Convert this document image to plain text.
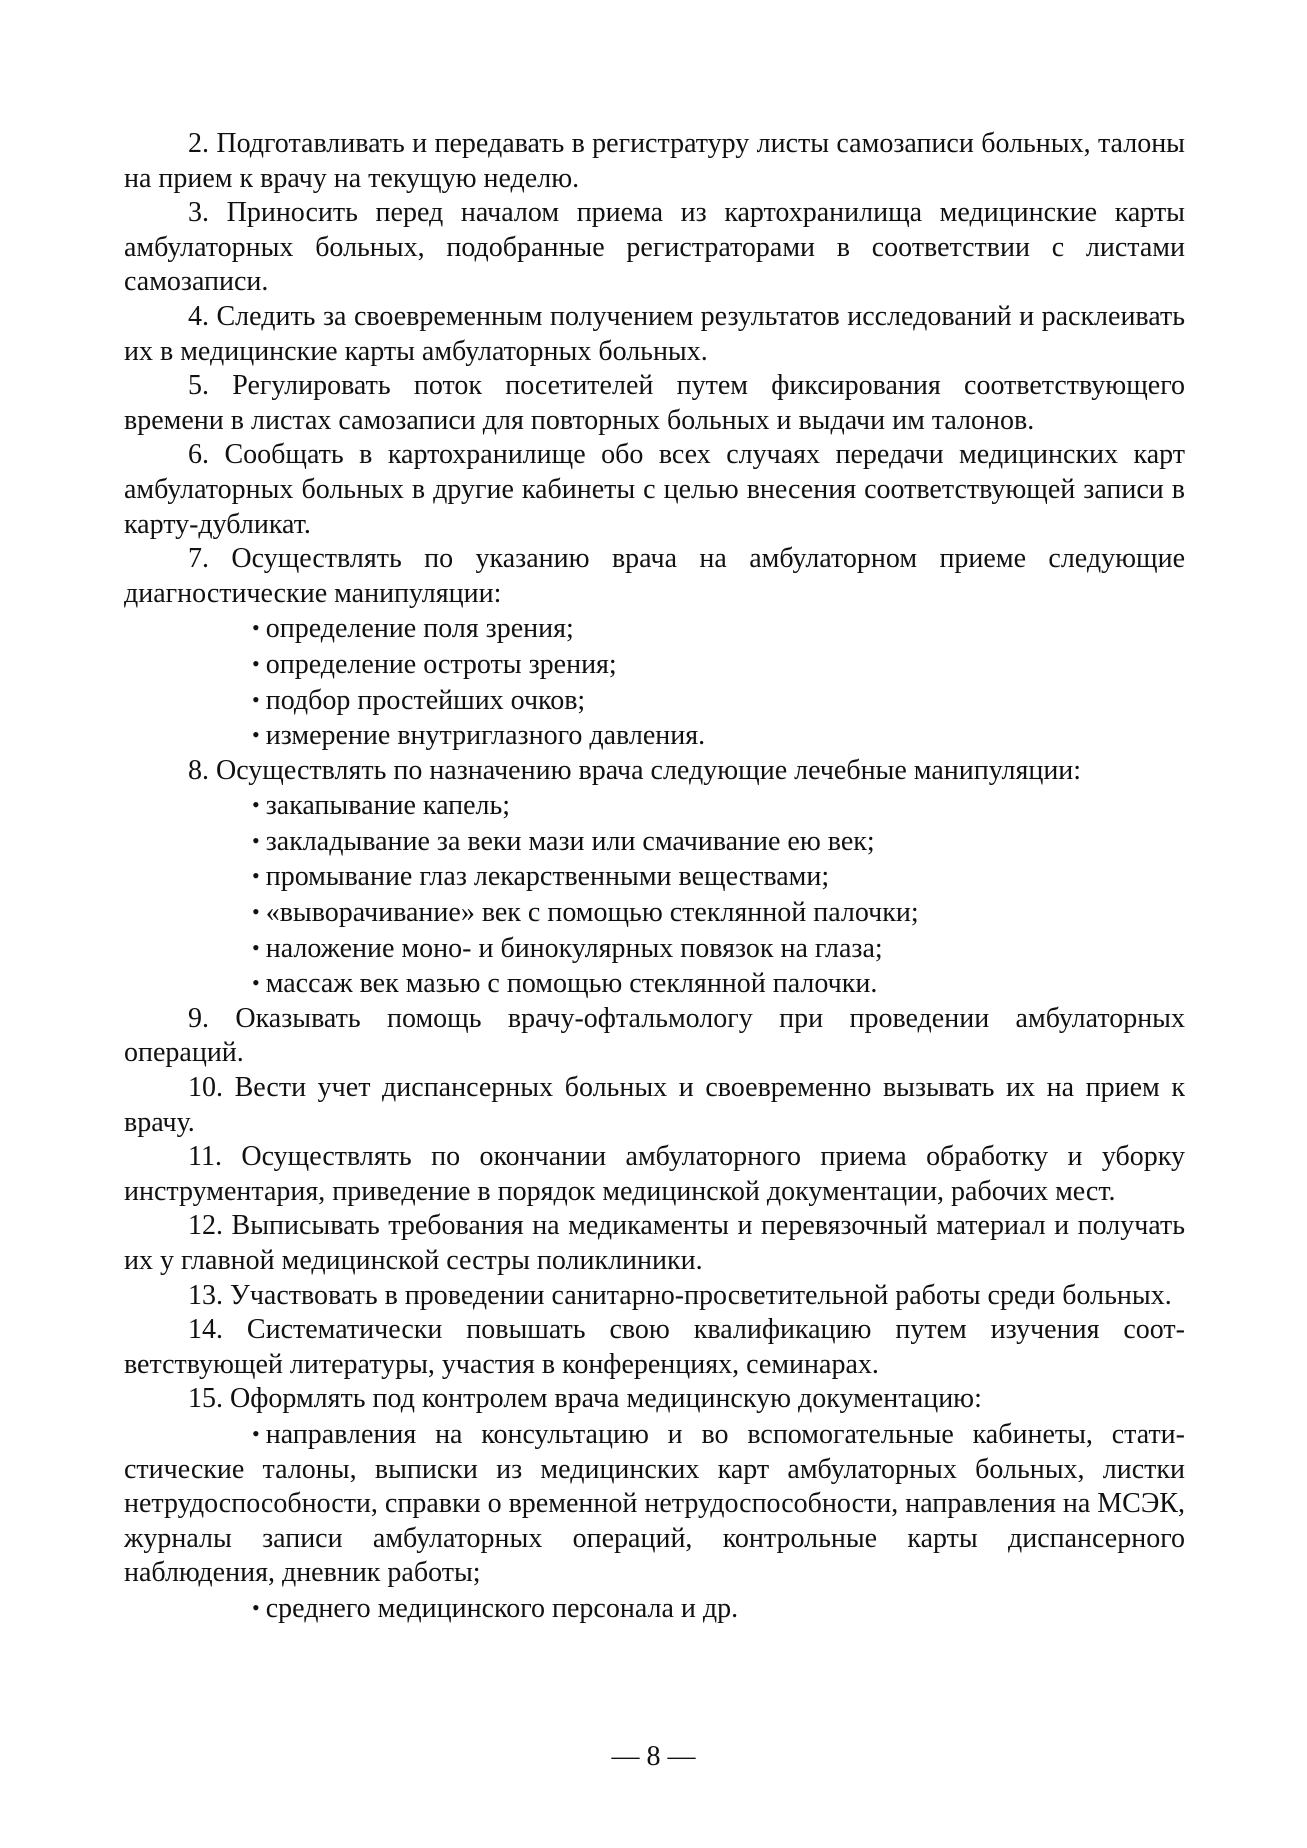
2. Подготавливать и передавать в регистратуру листы самозаписи больных, талоны на прием к врачу на текущую неделю.

3. Приносить перед началом приема из картохранилища медицинские карты амбулаторных больных, подобранные регистраторами в соответствии с листами самозаписи.

4. Следить за своевременным получением результатов исследований и расклеивать их в медицинские карты амбулаторных больных.

5. Регулировать поток посетителей путем фиксирования соответствующего времени в листах самозаписи для повторных больных и выдачи им талонов.

6. Сообщать в картохранилище обо всех случаях передачи медицинских карт амбулаторных больных в другие кабинеты с целью внесения соответствующей записи в карту-дубликат.

7. Осуществлять по указанию врача на амбулаторном приеме следующие диагностические манипуляции:

• определение поля зрения;

• определение остроты зрения;

• подбор простейших очков;

• измерение внутриглазного давления.

8. Осуществлять по назначению врача следующие лечебные манипуляции:

• закапывание капель;

• закладывание за веки мази или смачивание ею век;

• промывание глаз лекарственными веществами;

• «выворачивание» век с помощью стеклянной палочки;

• наложение моно- и бинокулярных повязок на глаза;

• массаж век мазью с помощью стеклянной палочки.

9. Оказывать помощь врачу-офтальмологу при проведении амбулаторных операций.

10. Вести учет диспансерных больных и своевременно вызывать их на прием к врачу.

11. Осуществлять по окончании амбулаторного приема обработку и уборку инструментария, приведение в порядок медицинской документации, рабочих мест.

12. Выписывать требования на медикаменты и перевязочный материал и получать их у главной медицинской сестры поликлиники.

13. Участвовать в проведении санитарно-просветительной работы среди больных.

14. Систематически повышать свою квалификацию путем изучения соответствующей литературы, участия в конференциях, семинарах.

15. Оформлять под контролем врача медицинскую документацию:

• направления на консультацию и во вспомогательные кабинеты, статистические талоны, выписки из медицинских карт амбулаторных больных, листки нетрудоспособности, справки о временной нетрудоспособности, направления на МСЭК, журналы записи амбулаторных операций, контрольные карты диспансерного наблюдения, дневник работы;

• среднего медицинского персонала и др.

— 8 —
